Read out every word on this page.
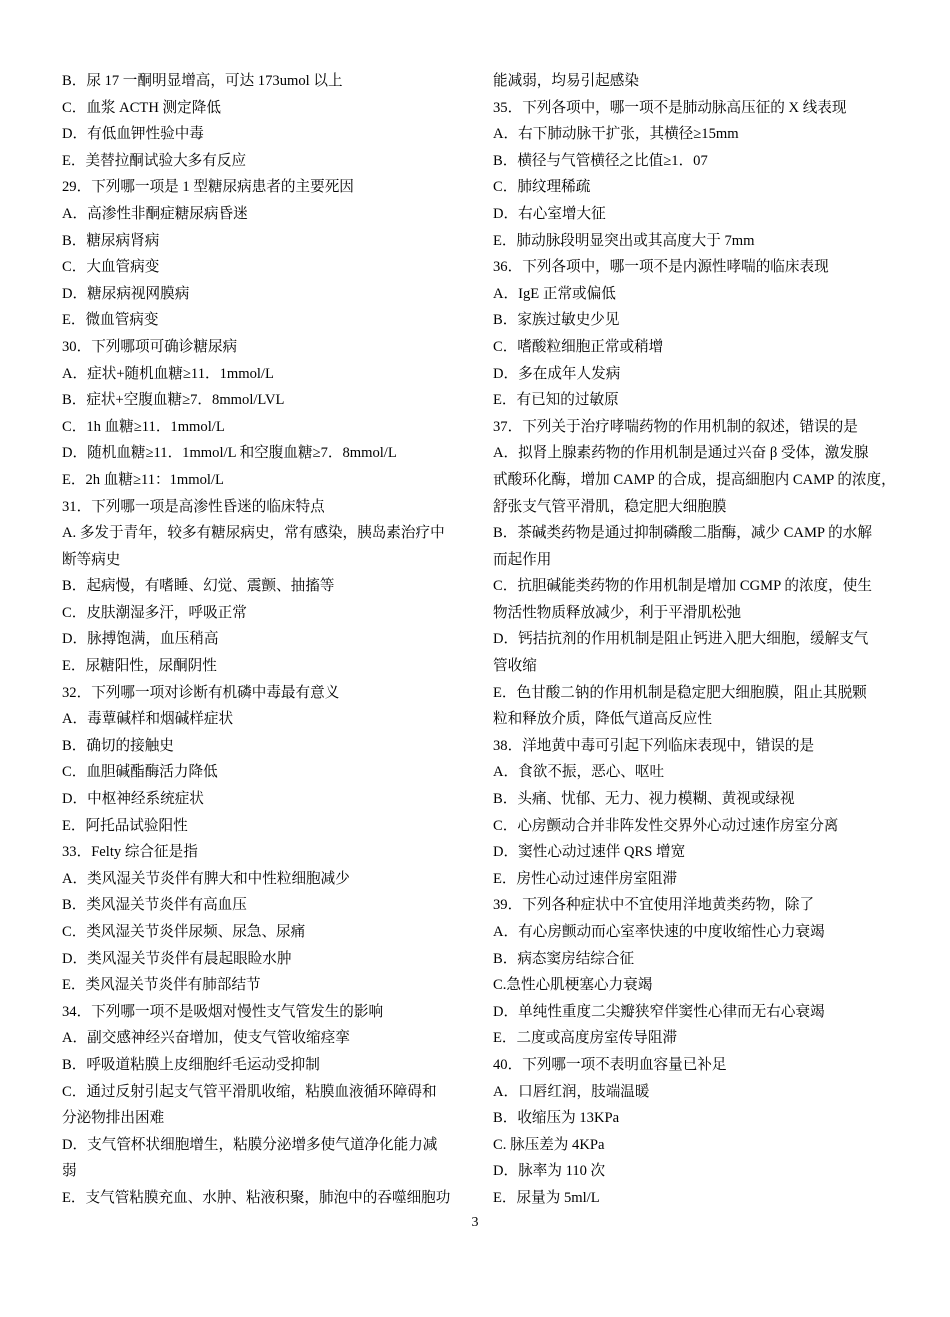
B．尿 17 一酮明显增高，可达 173umol 以上
C．血浆 ACTH 测定降低
D．有低血钾性验中毒
E．美替拉酮试验大多有反应
29．下列哪一项是 1 型糖尿病患者的主要死因
A．高渗性非酮症糖尿病昏迷
B．糖尿病肾病
C．大血管病变
D．糖尿病视网膜病
E．微血管病变
30．下列哪项可确诊糖尿病
A．症状+随机血糖≥11．1mmol/L
B．症状+空腹血糖≥7．8mmol/LVL
C．1h 血糖≥11．1mmol/L
D．随机血糖≥11．1mmol/L 和空腹血糖≥7．8mmol/L
E．2h 血糖≥11：1mmol/L
31．下列哪一项是高渗性昏迷的临床特点
A. 多发于青年，较多有糖尿病史，常有感染，胰岛素治疗中
断等病史
B．起病慢，有嗜睡、幻觉、震颤、抽搐等
C．皮肤潮湿多汗，呼吸正常
D．脉搏饱满，血压稍高
E．尿糖阳性，尿酮阴性
32．下列哪一项对诊断有机磷中毒最有意义
A．毒蕈碱样和烟碱样症状
B．确切的接触史
C．血胆碱酯酶活力降低
D．中枢神经系统症状
E．阿托品试验阳性
33．Felty 综合征是指
A．类风湿关节炎伴有脾大和中性粒细胞减少
B．类风湿关节炎伴有高血压
C．类风湿关节炎伴尿频、尿急、尿痛
D．类风湿关节炎伴有晨起眼睑水肿
E．类风湿关节炎伴有肺部结节
34．下列哪一项不是吸烟对慢性支气管发生的影响
A．副交感神经兴奋增加，使支气管收缩痉挛
B．呼吸道粘膜上皮细胞纤毛运动受抑制
C．通过反射引起支气管平滑肌收缩，粘膜血液循环障碍和
分泌物排出困难
D．支气管杯状细胞增生，粘膜分泌增多使气道净化能力减
弱
E．支气管粘膜充血、水肿、粘液积聚，肺泡中的吞噬细胞功
能减弱，均易引起感染
35．下列各项中，哪一项不是肺动脉高压征的 X 线表现
A．右下肺动脉干扩张，其横径≥15mm
B．横径与气管横径之比值≥1．07
C．肺纹理稀疏
D．右心室增大征
E．肺动脉段明显突出或其高度大于 7mm
36．下列各项中，哪一项不是内源性哮喘的临床表现
A．IgE 正常或偏低
B．家族过敏史少见
C．嗜酸粒细胞正常或稍增
D．多在成年人发病
E．有已知的过敏原
37．下列关于治疗哮喘药物的作用机制的叙述，错误的是
A．拟肾上腺素药物的作用机制是通过兴奋 β 受体，激发腺
甙酸环化酶，增加 CAMP 的合成，提高細胞内 CAMP 的浓度，
舒张支气管平滑肌，稳定肥大细胞膜
B．茶碱类药物是通过抑制磷酸二脂酶，减少 CAMP 的水解
而起作用
C．抗胆碱能类药物的作用机制是增加 CGMP 的浓度，使生
物活性物质释放减少，利于平滑肌松弛
D．钙拮抗剂的作用机制是阻止钙进入肥大细胞，缓解支气
管收缩
E．色甘酸二钠的作用机制是稳定肥大细胞膜，阻止其脱颗
粒和释放介质，降低气道高反应性
38．洋地黄中毒可引起下列临床表现中，错误的是
A．食欲不振，恶心、呕吐
B．头痛、忧郁、无力、视力模糊、黄视或绿视
C．心房颤动合并非阵发性交界外心动过速作房室分离
D．窦性心动过速伴 QRS 增宽
E．房性心动过速伴房室阻滞
39．下列各种症状中不宜使用洋地黄类药物，除了
A．有心房颤动而心室率快速的中度收缩性心力衰竭
B．病态窦房结综合征
C.急性心肌梗塞心力衰竭
D．单纯性重度二尖瓣狭窄伴窦性心律而无右心衰竭
E．二度或高度房室传导阻滞
40．下列哪一项不表明血容量已补足
A．口唇红润，肢端温暖
B．收缩压为 13KPa
C. 脉压差为 4KPa
D．脉率为 110 次
E．尿量为 5ml/L
3
